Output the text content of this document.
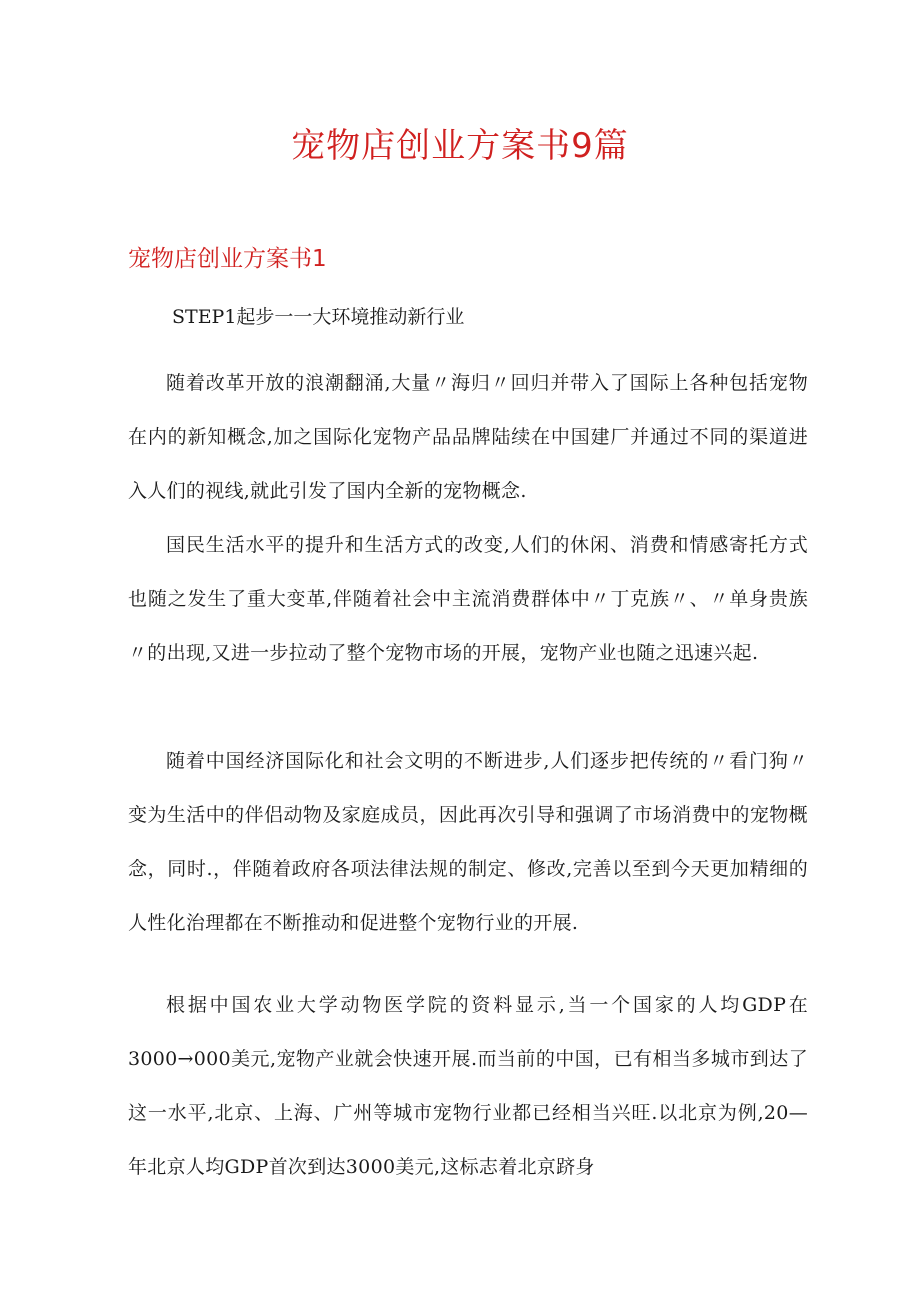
宠物店创业方案书9篇
宠物店创业方案书1

STEP1起步一一大环境推动新行业

随着改革开放的浪潮翻涌,大量〃海归〃回归并带入了国际上各种包括宠物在内的新知概念,加之国际化宠物产品品牌陆续在中国建厂并通过不同的渠道进入人们的视线,就此引发了国内全新的宠物概念.

国民生活水平的提升和生活方式的改变,人们的休闲、消费和情感寄托方式也随之发生了重大变革,伴随着社会中主流消费群体中〃丁克族〃、〃单身贵族〃的出现,又进一步拉动了整个宠物市场的开展，宠物产业也随之迅速兴起.

随着中国经济国际化和社会文明的不断进步,人们逐步把传统的〃看门狗〃变为生活中的伴侣动物及家庭成员，因此再次引导和强调了市场消费中的宠物概念，同时.，伴随着政府各项法律法规的制定、修改,完善以至到今天更加精细的人性化治理都在不断推动和促进整个宠物行业的开展.

根据中国农业大学动物医学院的资料显示,当一个国家的人均GDP在3000→000美元,宠物产业就会快速开展.而当前的中国，已有相当多城市到达了这一水平,北京、上海、广州等城市宠物行业都已经相当兴旺.以北京为例,20—年北京人均GDP首次到达3000美元,这标志着北京跻身
